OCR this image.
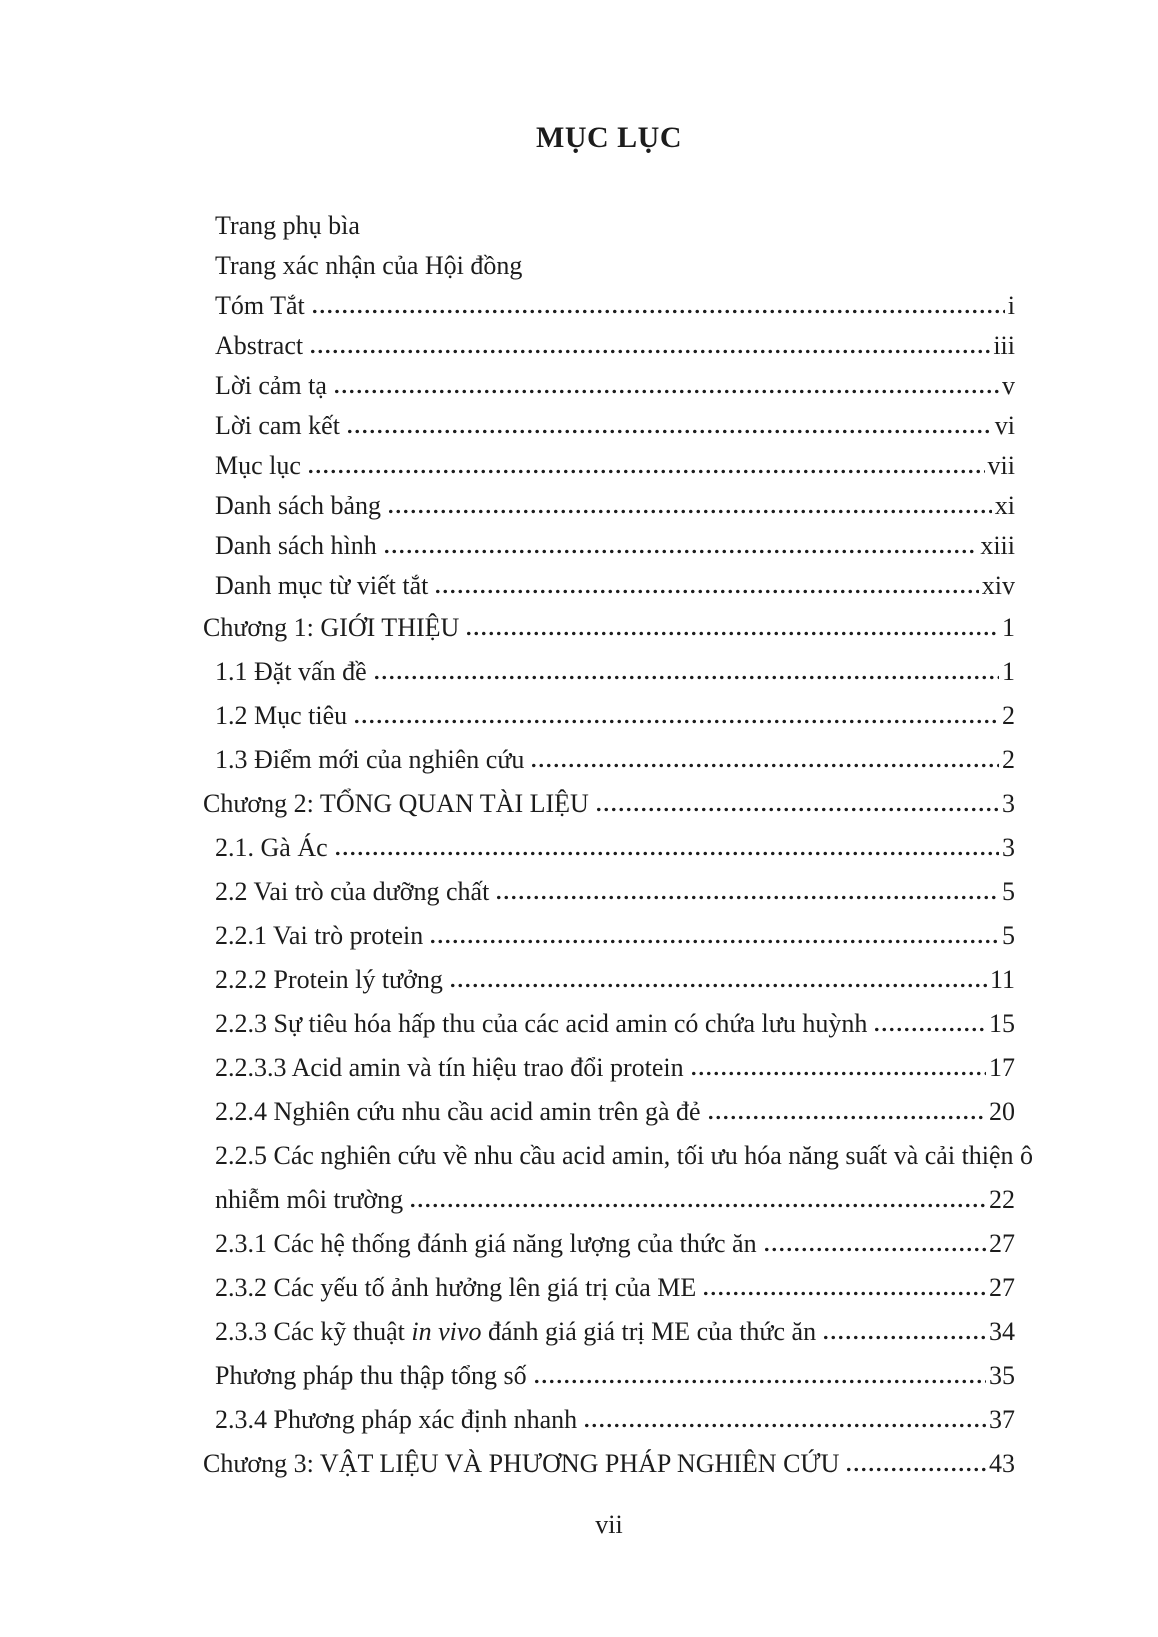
MỤC LỤC
Trang phụ bìa
Trang xác nhận của Hội đồng
Tóm Tắt	i
Abstract	iii
Lời cảm tạ	v
Lời cam kết	vi
Mục lục	vii
Danh sách bảng	xi
Danh sách hình	xiii
Danh mục từ viết tắt	xiv
Chương 1: GIỚI THIỆU	1
1.1 Đặt vấn đề	1
1.2 Mục tiêu	2
1.3 Điểm mới của nghiên cứu	2
Chương 2: TỔNG QUAN TÀI LIỆU	3
2.1. Gà Ác	3
2.2 Vai trò của dưỡng chất	5
2.2.1 Vai trò protein	5
2.2.2 Protein lý tưởng	11
2.2.3 Sự tiêu hóa hấp thu của các acid amin có chứa lưu huỳnh	15
2.2.3.3 Acid amin và tín hiệu trao đổi protein	17
2.2.4 Nghiên cứu nhu cầu acid amin trên gà đẻ	20
2.2.5 Các nghiên cứu về nhu cầu acid amin, tối ưu hóa năng suất và cải thiện ô
nhiễm môi trường	22
2.3.1 Các hệ thống đánh giá năng lượng của thức ăn	27
2.3.2 Các yếu tố ảnh hưởng lên giá trị của ME	27
2.3.3 Các kỹ thuật in vivo đánh giá giá trị ME của thức ăn	34
Phương pháp thu thập tổng số	35
2.3.4 Phương pháp xác định nhanh	37
Chương 3: VẬT LIỆU VÀ PHƯƠNG PHÁP NGHIÊN CỨU	43
vii
